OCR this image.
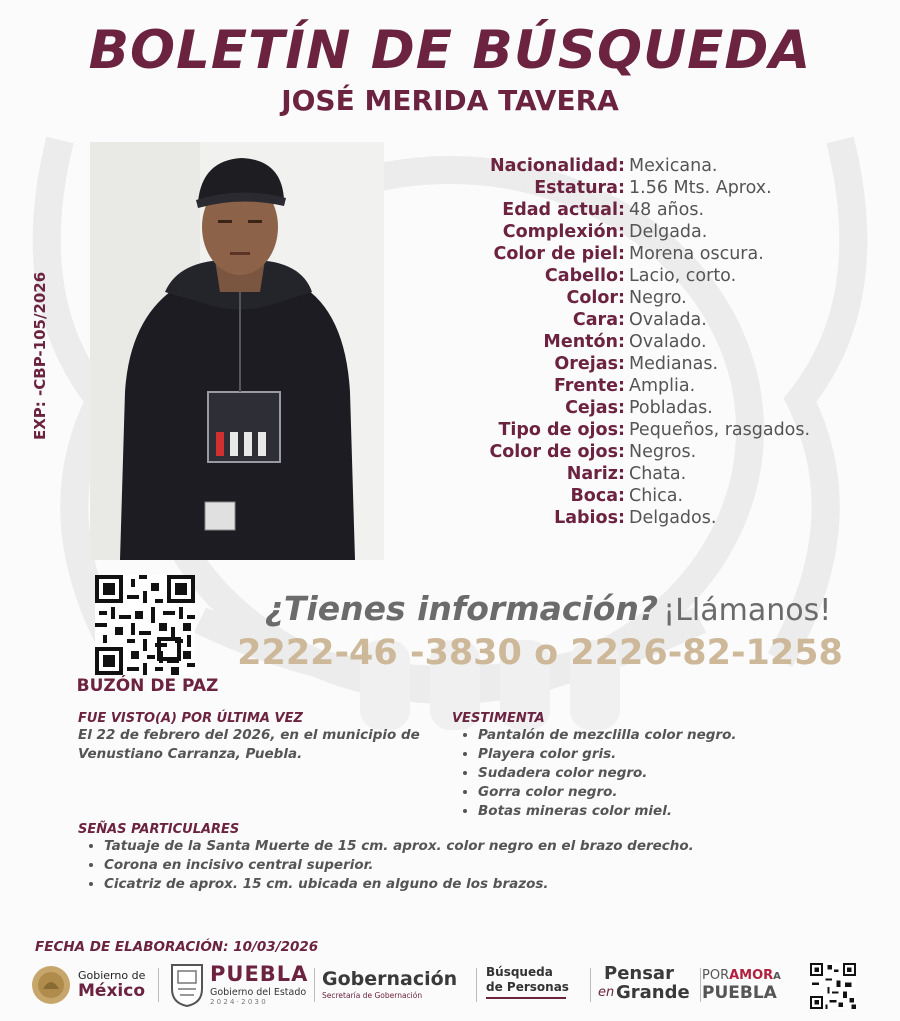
BOLETÍN DE BÚSQUEDA
JOSÉ MERIDA TAVERA
EXP: -CBP-105/2026
Nacionalidad: Mexicana.
Estatura: 1.56 Mts. Aprox.
Edad actual: 48 años.
Complexión: Delgada.
Color de piel: Morena oscura.
Cabello: Lacio, corto.
Color: Negro.
Cara: Ovalada.
Mentón: Ovalado.
Orejas: Medianas.
Frente: Amplia.
Cejas: Pobladas.
Tipo de ojos: Pequeños, rasgados.
Color de ojos: Negros.
Nariz: Chata.
Boca: Chica.
Labios: Delgados.
BUZÓN DE PAZ
¿Tienes información? ¡Llámanos!
2222-46 -3830 o 2226-82-1258
FUE VISTO(A) POR ÚLTIMA VEZ

El 22 de febrero del 2026, en el municipio de Venustiano Carranza, Puebla.

VESTIMENTA
• Pantalón de mezclilla color negro.
• Playera color gris.
• Sudadera color negro.
• Gorra color negro.
• Botas mineras color miel.
SEÑAS PARTICULARES
• Tatuaje de la Santa Muerte de 15 cm. aprox. color negro en el brazo derecho.
• Corona en incisivo central superior.
• Cicatriz de aprox. 15 cm. ubicada en alguno de los brazos.
FECHA DE ELABORACIÓN: 10/03/2026
Gobierno de
México
PUEBLA
Gobierno del Estado
2 0 2 4 · 2 0 3 0
Gobernación
Secretaría de Gobernación
Búsqueda
de Personas
Pensar
en Grande
PORAMORA
PUEBLA
